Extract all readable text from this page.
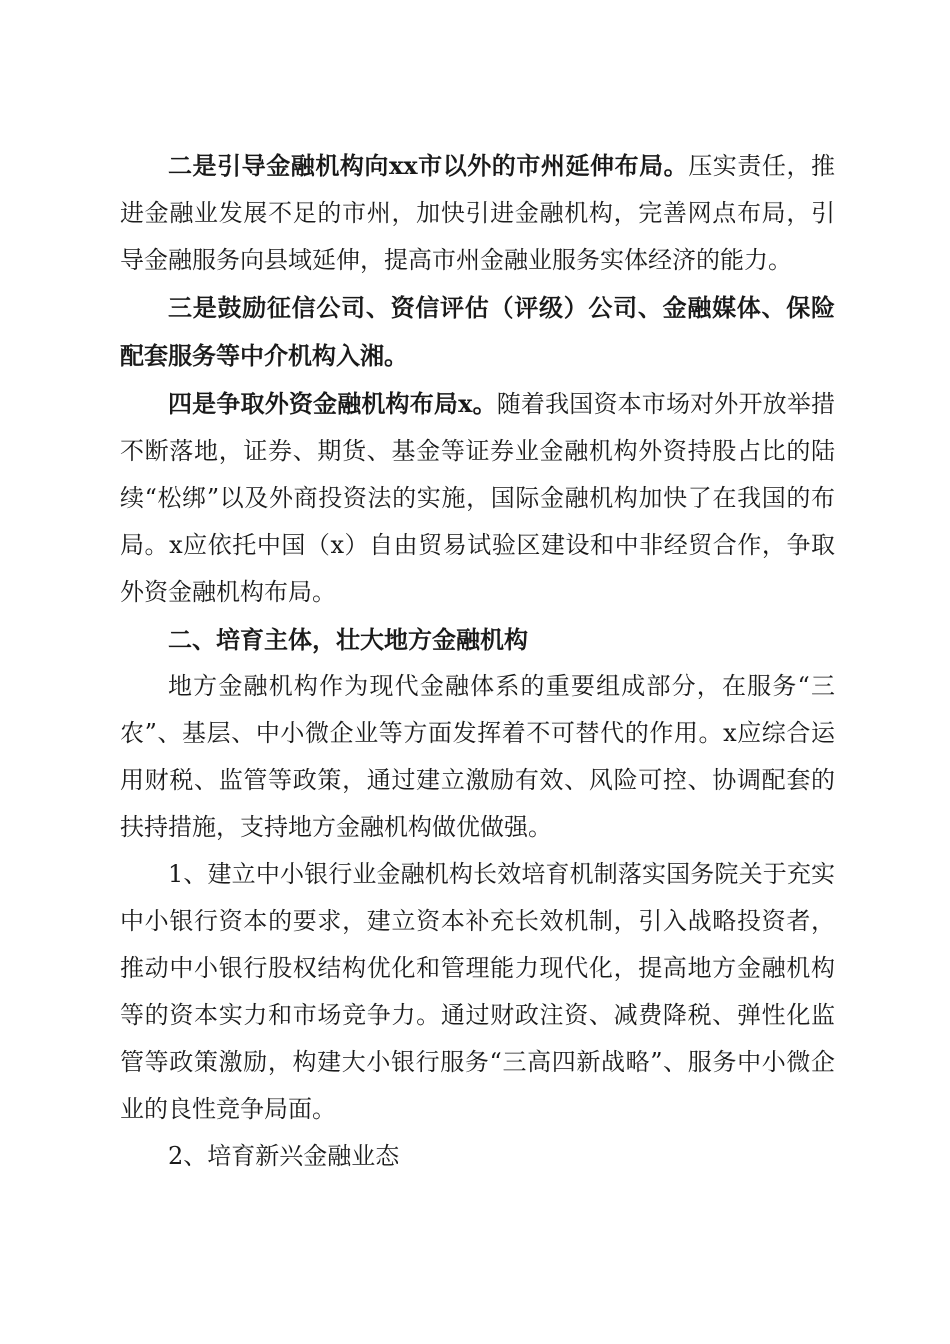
二是引导金融机构向xx市以外的市州延伸布局。压实责任，推进金融业发展不足的市州，加快引进金融机构，完善网点布局，引导金融服务向县域延伸，提高市州金融业服务实体经济的能力。

三是鼓励征信公司、资信评估（评级）公司、金融媒体、保险配套服务等中介机构入湘。

四是争取外资金融机构布局x。随着我国资本市场对外开放举措不断落地，证券、期货、基金等证券业金融机构外资持股占比的陆续“松绑”以及外商投资法的实施，国际金融机构加快了在我国的布局。x应依托中国（x）自由贸易试验区建设和中非经贸合作，争取外资金融机构布局。

二、培育主体，壮大地方金融机构

地方金融机构作为现代金融体系的重要组成部分，在服务“三农”、基层、中小微企业等方面发挥着不可替代的作用。x应综合运用财税、监管等政策，通过建立激励有效、风险可控、协调配套的扶持措施，支持地方金融机构做优做强。

1、建立中小银行业金融机构长效培育机制落实国务院关于充实中小银行资本的要求，建立资本补充长效机制，引入战略投资者，推动中小银行股权结构优化和管理能力现代化，提高地方金融机构等的资本实力和市场竞争力。通过财政注资、减费降税、弹性化监管等政策激励，构建大小银行服务“三高四新战略”、服务中小微企业的良性竞争局面。

2、培育新兴金融业态
